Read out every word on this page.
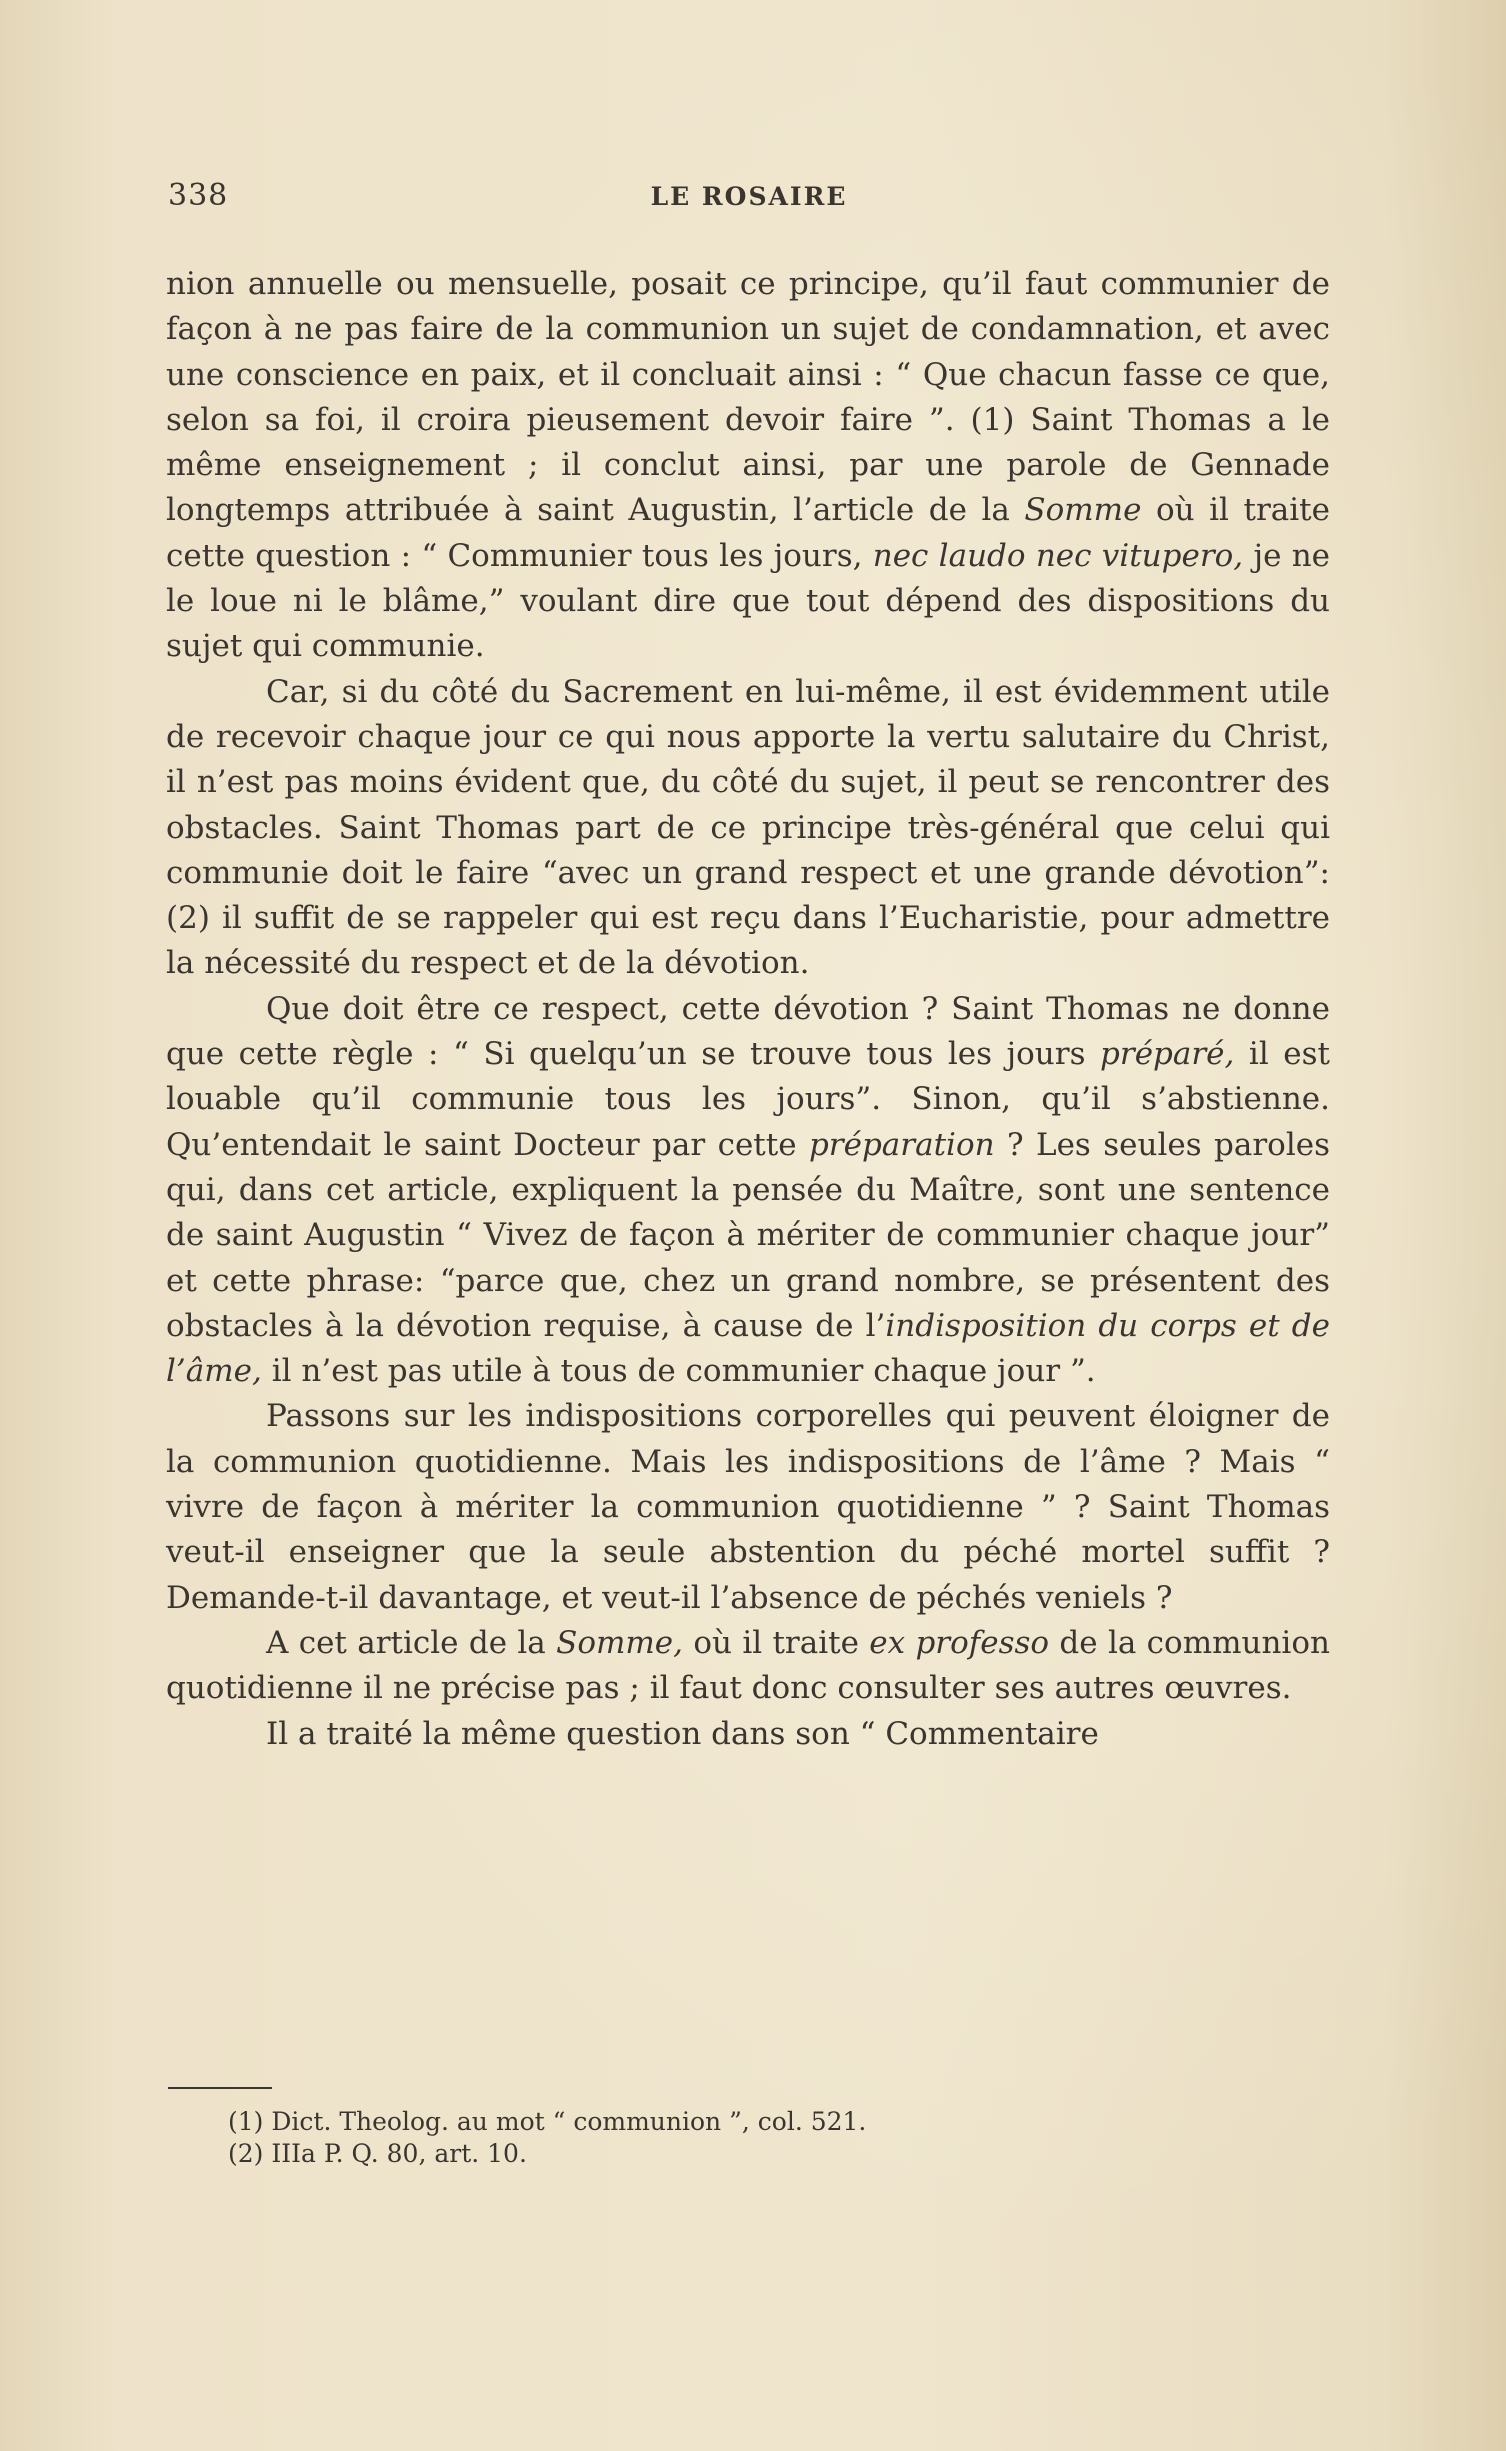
338	LE ROSAIRE

nion annuelle ou mensuelle, posait ce principe, qu’il faut communier de façon à ne pas faire de la communion un sujet de condamnation, et avec une conscience en paix, et il concluait ainsi : “ Que chacun fasse ce que, selon sa foi, il croira pieusement devoir faire ”. (1) Saint Thomas a le même enseignement ; il conclut ainsi, par une parole de Gennade longtemps attribuée à saint Augustin, l’article de la Somme où il traite cette question : “ Communier tous les jours, nec laudo nec vitupero, je ne le loue ni le blâme,” voulant dire que tout dépend des dispositions du sujet qui communie.

Car, si du côté du Sacrement en lui-même, il est évidemment utile de recevoir chaque jour ce qui nous apporte la vertu salutaire du Christ, il n’est pas moins évident que, du côté du sujet, il peut se rencontrer des obstacles. Saint Thomas part de ce principe très-général que celui qui communie doit le faire “avec un grand respect et une grande dévotion”: (2) il suffit de se rappeler qui est reçu dans l’Eucharistie, pour admettre la nécessité du respect et de la dévotion.

Que doit être ce respect, cette dévotion ? Saint Thomas ne donne que cette règle : “ Si quelqu’un se trouve tous les jours préparé, il est louable qu’il communie tous les jours”. Sinon, qu’il s’abstienne. Qu’entendait le saint Docteur par cette préparation ? Les seules paroles qui, dans cet article, expliquent la pensée du Maître, sont une sentence de saint Augustin “ Vivez de façon à mériter de communier chaque jour” et cette phrase: “parce que, chez un grand nombre, se présentent des obstacles à la dévotion requise, à cause de l’indisposition du corps et de l’âme, il n’est pas utile à tous de communier chaque jour ”.

Passons sur les indispositions corporelles qui peuvent éloigner de la communion quotidienne. Mais les indispositions de l’âme ? Mais “ vivre de façon à mériter la communion quotidienne ” ? Saint Thomas veut-il enseigner que la seule abstention du péché mortel suffit ? Demande-t-il davantage, et veut-il l’absence de péchés veniels ?

A cet article de la Somme, où il traite ex professo de la communion quotidienne il ne précise pas ; il faut donc consulter ses autres œuvres.

Il a traité la même question dans son “ Commentaire

(1) Dict. Theolog. au mot “ communion ”, col. 521.
(2) IIIa P. Q. 80, art. 10.
